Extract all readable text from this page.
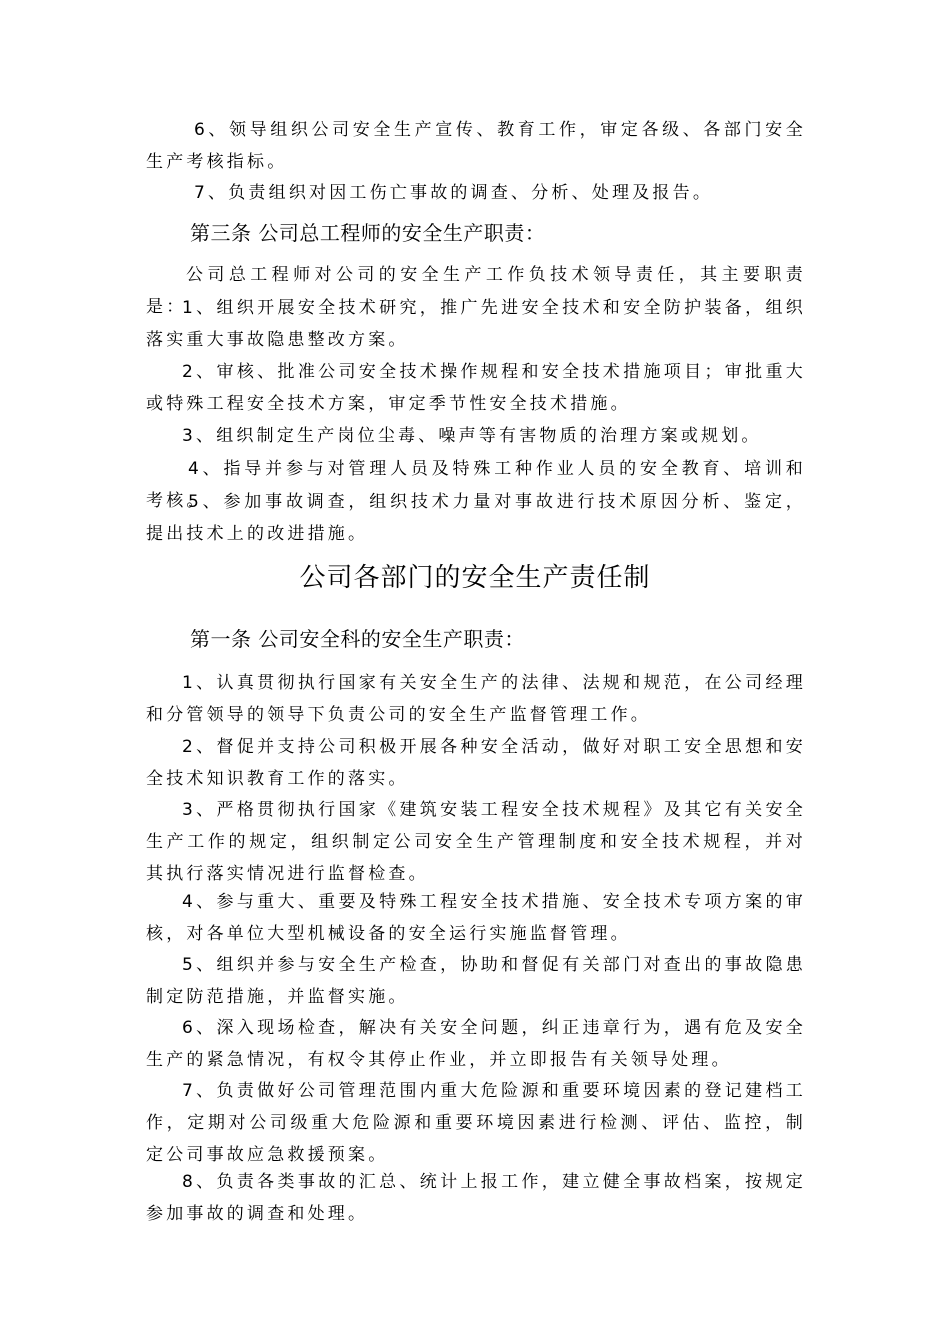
6、领导组织公司安全生产宣传、教育工作，审定各级、各部门安全生产考核指标。

7、负责组织对因工伤亡事故的调查、分析、处理及报告。

第三条 公司总工程师的安全生产职责：

公司总工程师对公司的安全生产工作负技术领导责任，其主要职责是：

1、组织开展安全技术研究，推广先进安全技术和安全防护装备，组织落实重大事故隐患整改方案。

2、审核、批准公司安全技术操作规程和安全技术措施项目；审批重大或特殊工程安全技术方案，审定季节性安全技术措施。

3、组织制定生产岗位尘毒、噪声等有害物质的治理方案或规划。

4、指导并参与对管理人员及特殊工种作业人员的安全教育、培训和考核。

5、参加事故调查，组织技术力量对事故进行技术原因分析、鉴定，提出技术上的改进措施。

公司各部门的安全生产责任制
第一条 公司安全科的安全生产职责：

1、认真贯彻执行国家有关安全生产的法律、法规和规范，在公司经理和分管领导的领导下负责公司的安全生产监督管理工作。

2、督促并支持公司积极开展各种安全活动，做好对职工安全思想和安全技术知识教育工作的落实。

3、严格贯彻执行国家《建筑安装工程安全技术规程》及其它有关安全生产工作的规定，组织制定公司安全生产管理制度和安全技术规程，并对其执行落实情况进行监督检查。

4、参与重大、重要及特殊工程安全技术措施、安全技术专项方案的审核，对各单位大型机械设备的安全运行实施监督管理。

5、组织并参与安全生产检查，协助和督促有关部门对查出的事故隐患制定防范措施，并监督实施。

6、深入现场检查，解决有关安全问题，纠正违章行为，遇有危及安全生产的紧急情况，有权令其停止作业，并立即报告有关领导处理。

7、负责做好公司管理范围内重大危险源和重要环境因素的登记建档工作，定期对公司级重大危险源和重要环境因素进行检测、评估、监控，制定公司事故应急救援预案。

8、负责各类事故的汇总、统计上报工作，建立健全事故档案，按规定参加事故的调查和处理。
